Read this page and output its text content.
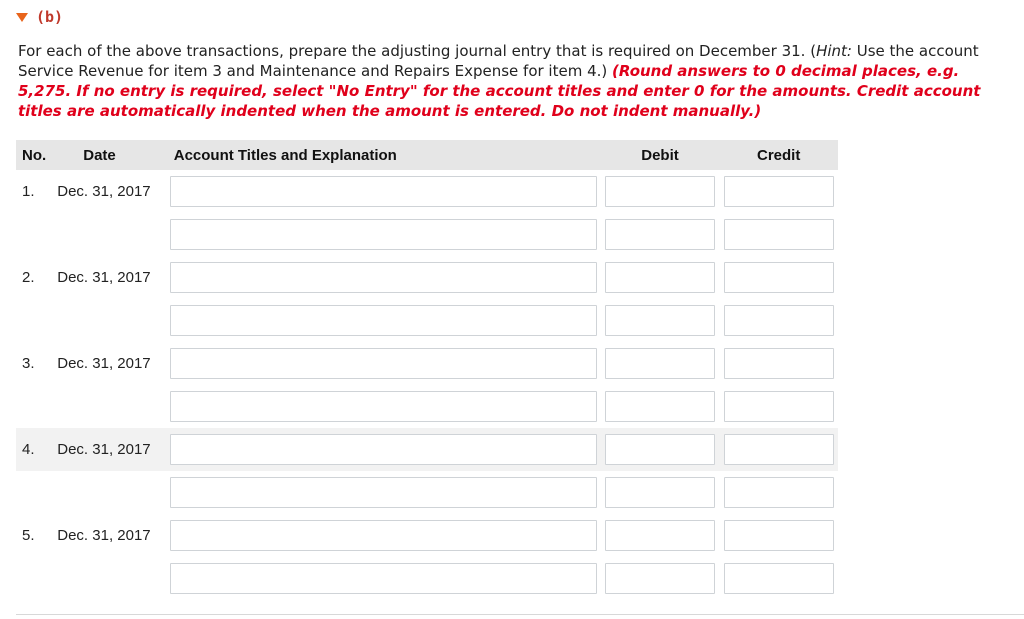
(b)
For each of the above transactions, prepare the adjusting journal entry that is required on December 31. (Hint: Use the account Service Revenue for item 3 and Maintenance and Repairs Expense for item 4.) (Round answers to 0 decimal places, e.g. 5,275. If no entry is required, select "No Entry" for the account titles and enter 0 for the amounts. Credit account titles are automatically indented when the amount is entered. Do not indent manually.)
No.	Date	Account Titles and Explanation	Debit	Credit
1.	Dec. 31, 2017	

2.	Dec. 31, 2017	

3.	Dec. 31, 2017	

4.	Dec. 31, 2017	

5.	Dec. 31, 2017	
